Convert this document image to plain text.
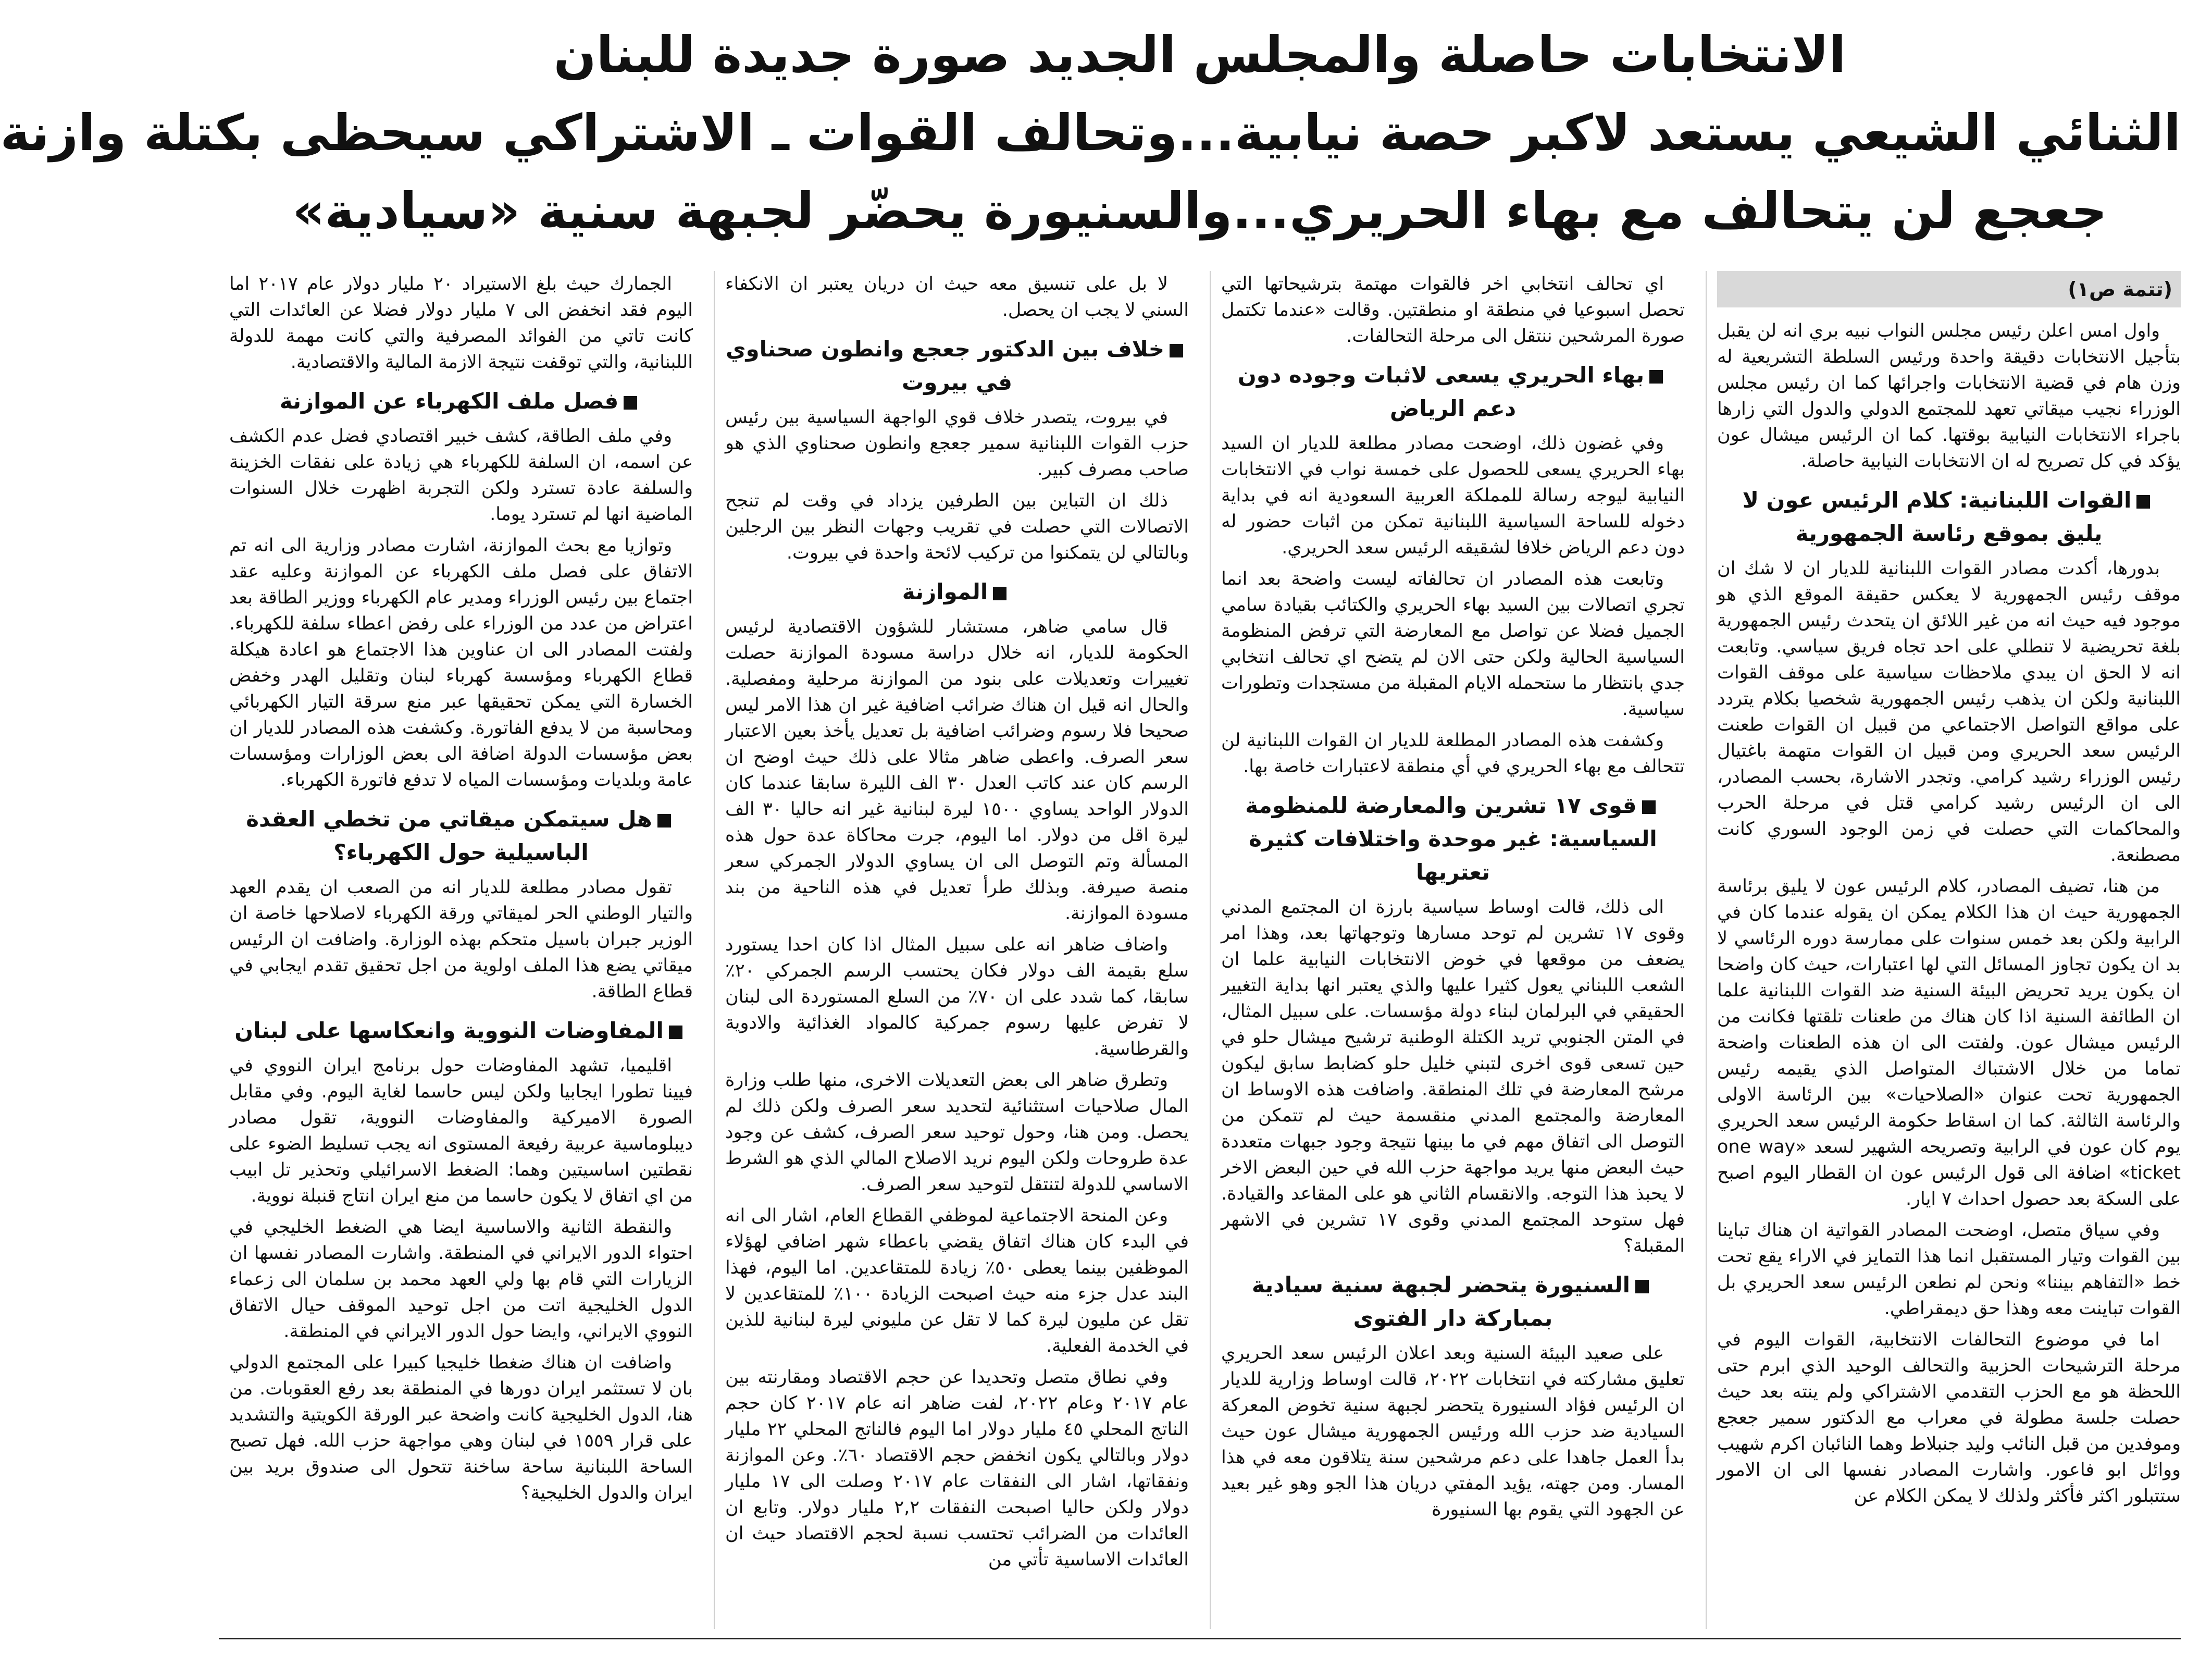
الانتخابات حاصلة والمجلس الجديد صورة جديدة للبنان
الثنائي الشيعي يستعد لاكبر حصة نيابية...وتحالف القوات ـ الاشتراكي سيحظى بكتلة وازنة
جعجع لن يتحالف مع بهاء الحريري...والسنيورة يحضّر لجبهة سنية «سيادية»
(تتمة ص١)

واول امس اعلن رئيس مجلس النواب نبيه بري انه لن يقبل بتأجيل الانتخابات دقيقة واحدة ورئيس السلطة التشريعية له وزن هام في قضية الانتخابات واجرائها كما ان رئيس مجلس الوزراء نجيب ميقاتي تعهد للمجتمع الدولي والدول التي زارها باجراء الانتخابات النيابية بوقتها. كما ان الرئيس ميشال عون يؤكد في كل تصريح له ان الانتخابات النيابية حاصلة.

القوات اللبنانية: كلام الرئيس عون لا يليق بموقع رئاسة الجمهورية

بدورها، أكدت مصادر القوات اللبنانية للديار ان لا شك ان موقف رئيس الجمهورية لا يعكس حقيقة الموقع الذي هو موجود فيه حيث انه من غير اللائق ان يتحدث رئيس الجمهورية بلغة تحريضية لا تنطلي على احد تجاه فريق سياسي. وتابعت انه لا الحق ان يبدي ملاحظات سياسية على موقف القوات اللبنانية ولكن ان يذهب رئيس الجمهورية شخصيا بكلام يتردد على مواقع التواصل الاجتماعي من قبيل ان القوات طعنت الرئيس سعد الحريري ومن قبيل ان القوات متهمة باغتيال رئيس الوزراء رشيد كرامي. وتجدر الاشارة، بحسب المصادر، الى ان الرئيس رشيد كرامي قتل في مرحلة الحرب والمحاكمات التي حصلت في زمن الوجود السوري كانت مصطنعة.

من هنا، تضيف المصادر، كلام الرئيس عون لا يليق برئاسة الجمهورية حيث ان هذا الكلام يمكن ان يقوله عندما كان في الرابية ولكن بعد خمس سنوات على ممارسة دوره الرئاسي لا بد ان يكون تجاوز المسائل التي لها اعتبارات، حيث كان واضحا ان يكون يريد تحريض البيئة السنية ضد القوات اللبنانية علما ان الطائفة السنية اذا كان هناك من طعنات تلقتها فكانت من الرئيس ميشال عون. ولفتت الى ان هذه الطعنات واضحة تماما من خلال الاشتباك المتواصل الذي يقيمه رئيس الجمهورية تحت عنوان «الصلاحيات» بين الرئاسة الاولى والرئاسة الثالثة. كما ان اسقاط حكومة الرئيس سعد الحريري يوم كان عون في الرابية وتصريحه الشهير لسعد «one way ticket» اضافة الى قول الرئيس عون ان القطار اليوم اصبح على السكة بعد حصول احداث ٧ ايار.

وفي سياق متصل، اوضحت المصادر القواتية ان هناك تباينا بين القوات وتيار المستقبل انما هذا التمايز في الاراء يقع تحت خط «التفاهم بيننا» ونحن لم نطعن الرئيس سعد الحريري بل القوات تباينت معه وهذا حق ديمقراطي.

اما في موضوع التحالفات الانتخابية، القوات اليوم في مرحلة الترشيحات الحزبية والتحالف الوحيد الذي ابرم حتى اللحظة هو مع الحزب التقدمي الاشتراكي ولم ينته بعد حيث حصلت جلسة مطولة في معراب مع الدكتور سمير جعجع وموفدين من قبل النائب وليد جنبلاط وهما النائبان اكرم شهيب ووائل ابو فاعور. واشارت المصادر نفسها الى ان الامور ستتبلور اكثر فأكثر ولذلك لا يمكن الكلام عن

اي تحالف انتخابي اخر فالقوات مهتمة بترشيحاتها التي تحصل اسبوعيا في منطقة او منطقتين. وقالت «عندما تكتمل صورة المرشحين ننتقل الى مرحلة التحالفات.

بهاء الحريري يسعى لاثبات وجوده دون دعم الرياض

وفي غضون ذلك، اوضحت مصادر مطلعة للديار ان السيد بهاء الحريري يسعى للحصول على خمسة نواب في الانتخابات النيابية ليوجه رسالة للمملكة العربية السعودية انه في بداية دخوله للساحة السياسية اللبنانية تمكن من اثبات حضور له دون دعم الرياض خلافا لشقيقه الرئيس سعد الحريري.

وتابعت هذه المصادر ان تحالفاته ليست واضحة بعد انما تجري اتصالات بين السيد بهاء الحريري والكتائب بقيادة سامي الجميل فضلا عن تواصل مع المعارضة التي ترفض المنظومة السياسية الحالية ولكن حتى الان لم يتضح اي تحالف انتخابي جدي بانتظار ما ستحمله الايام المقبلة من مستجدات وتطورات سياسية.

وكشفت هذه المصادر المطلعة للديار ان القوات اللبنانية لن تتحالف مع بهاء الحريري في أي منطقة لاعتبارات خاصة بها.

قوى ١٧ تشرين والمعارضة للمنظومة السياسية: غير موحدة واختلافات كثيرة تعتريها

الى ذلك، قالت اوساط سياسية بارزة ان المجتمع المدني وقوى ١٧ تشرين لم توحد مسارها وتوجهاتها بعد، وهذا امر يضعف من موقعها في خوض الانتخابات النيابية علما ان الشعب اللبناني يعول كثيرا عليها والذي يعتبر انها بداية التغيير الحقيقي في البرلمان لبناء دولة مؤسسات. على سبيل المثال، في المتن الجنوبي تريد الكتلة الوطنية ترشيح ميشال حلو في حين تسعى قوى اخرى لتبني خليل حلو كضابط سابق ليكون مرشح المعارضة في تلك المنطقة. واضافت هذه الاوساط ان المعارضة والمجتمع المدني منقسمة حيث لم تتمكن من التوصل الى اتفاق مهم في ما بينها نتيجة وجود جبهات متعددة حيث البعض منها يريد مواجهة حزب الله في حين البعض الاخر لا يحبذ هذا التوجه. والانقسام الثاني هو على المقاعد والقيادة. فهل ستوحد المجتمع المدني وقوى ١٧ تشرين في الاشهر المقبلة؟

السنيورة يتحضر لجبهة سنية سيادية بمباركة دار الفتوى

على صعيد البيئة السنية وبعد اعلان الرئيس سعد الحريري تعليق مشاركته في انتخابات ٢٠٢٢، قالت اوساط وزارية للديار ان الرئيس فؤاد السنيورة يتحضر لجبهة سنية تخوض المعركة السيادية ضد حزب الله ورئيس الجمهورية ميشال عون حيث بدأ العمل جاهدا على دعم مرشحين سنة يتلاقون معه في هذا المسار. ومن جهته، يؤيد المفتي دريان هذا الجو وهو غير بعيد عن الجهود التي يقوم بها السنيورة

لا بل على تنسيق معه حيث ان دريان يعتبر ان الانكفاء السني لا يجب ان يحصل.

خلاف بين الدكتور جعجع وانطون صحناوي في بيروت

في بيروت، يتصدر خلاف قوي الواجهة السياسية بين رئيس حزب القوات اللبنانية سمير جعجع وانطون صحناوي الذي هو صاحب مصرف كبير.

ذلك ان التباين بين الطرفين يزداد في وقت لم تنجح الاتصالات التي حصلت في تقريب وجهات النظر بين الرجلين وبالتالي لن يتمكنوا من تركيب لائحة واحدة في بيروت.

الموازنة

قال سامي ضاهر، مستشار للشؤون الاقتصادية لرئيس الحكومة للديار، انه خلال دراسة مسودة الموازنة حصلت تغييرات وتعديلات على بنود من الموازنة مرحلية ومفصلية. والحال انه قيل ان هناك ضرائب اضافية غير ان هذا الامر ليس صحيحا فلا رسوم وضرائب اضافية بل تعديل يأخذ بعين الاعتبار سعر الصرف. واعطى ضاهر مثالا على ذلك حيث اوضح ان الرسم كان عند كاتب العدل ٣٠ الف الليرة سابقا عندما كان الدولار الواحد يساوي ١٥٠٠ ليرة لبنانية غير انه حاليا ٣٠ الف ليرة اقل من دولار. اما اليوم، جرت محاكاة عدة حول هذه المسألة وتم التوصل الى ان يساوي الدولار الجمركي سعر منصة صيرفة. وبذلك طرأ تعديل في هذه الناحية من بند مسودة الموازنة.

واضاف ضاهر انه على سبيل المثال اذا كان احدا يستورد سلع بقيمة الف دولار فكان يحتسب الرسم الجمركي ٢٠٪ سابقا، كما شدد على ان ٧٠٪ من السلع المستوردة الى لبنان لا تفرض عليها رسوم جمركية كالمواد الغذائية والادوية والقرطاسية.

وتطرق ضاهر الى بعض التعديلات الاخرى، منها طلب وزارة المال صلاحيات استثنائية لتحديد سعر الصرف ولكن ذلك لم يحصل. ومن هنا، وحول توحيد سعر الصرف، كشف عن وجود عدة طروحات ولكن اليوم نريد الاصلاح المالي الذي هو الشرط الاساسي للدولة لتنتقل لتوحيد سعر الصرف.

وعن المنحة الاجتماعية لموظفي القطاع العام، اشار الى انه في البدء كان هناك اتفاق يقضي باعطاء شهر اضافي لهؤلاء الموظفين بينما يعطى ٥٠٪ زيادة للمتقاعدين. اما اليوم، فهذا البند عدل جزء منه حيث اصبحت الزيادة ١٠٠٪ للمتقاعدين لا تقل عن مليون ليرة كما لا تقل عن مليوني ليرة لبنانية للذين في الخدمة الفعلية.

وفي نطاق متصل وتحديدا عن حجم الاقتصاد ومقارنته بين عام ٢٠١٧ وعام ٢٠٢٢، لفت ضاهر انه عام ٢٠١٧ كان حجم الناتج المحلي ٤٥ مليار دولار اما اليوم فالناتج المحلي ٢٢ مليار دولار وبالتالي يكون انخفض حجم الاقتصاد ٦٠٪. وعن الموازنة ونفقاتها، اشار الى النفقات عام ٢٠١٧ وصلت الى ١٧ مليار دولار ولكن حاليا اصبحت النفقات ٢,٢ مليار دولار. وتابع ان العائدات من الضرائب تحتسب نسبة لحجم الاقتصاد حيث ان العائدات الاساسية تأتي من

الجمارك حيث بلغ الاستيراد ٢٠ مليار دولار عام ٢٠١٧ اما اليوم فقد انخفض الى ٧ مليار دولار فضلا عن العائدات التي كانت تاتي من الفوائد المصرفية والتي كانت مهمة للدولة اللبنانية، والتي توقفت نتيجة الازمة المالية والاقتصادية.

فصل ملف الكهرباء عن الموازنة

وفي ملف الطاقة، كشف خبير اقتصادي فضل عدم الكشف عن اسمه، ان السلفة للكهرباء هي زيادة على نفقات الخزينة والسلفة عادة تسترد ولكن التجربة اظهرت خلال السنوات الماضية انها لم تسترد يوما.

وتوازيا مع بحث الموازنة، اشارت مصادر وزارية الى انه تم الاتفاق على فصل ملف الكهرباء عن الموازنة وعليه عقد اجتماع بين رئيس الوزراء ومدير عام الكهرباء ووزير الطاقة بعد اعتراض من عدد من الوزراء على رفض اعطاء سلفة للكهرباء. ولفتت المصادر الى ان عناوين هذا الاجتماع هو اعادة هيكلة قطاع الكهرباء ومؤسسة كهرباء لبنان وتقليل الهدر وخفض الخسارة التي يمكن تحقيقها عبر منع سرقة التيار الكهربائي ومحاسبة من لا يدفع الفاتورة. وكشفت هذه المصادر للديار ان بعض مؤسسات الدولة اضافة الى بعض الوزارات ومؤسسات عامة وبلديات ومؤسسات المياه لا تدفع فاتورة الكهرباء.

هل سيتمكن ميقاتي من تخطي العقدة الباسيلية حول الكهرباء؟

تقول مصادر مطلعة للديار انه من الصعب ان يقدم العهد والتيار الوطني الحر لميقاتي ورقة الكهرباء لاصلاحها خاصة ان الوزير جبران باسيل متحكم بهذه الوزارة. واضافت ان الرئيس ميقاتي يضع هذا الملف اولوية من اجل تحقيق تقدم ايجابي في قطاع الطاقة.

المفاوضات النووية وانعكاسها على لبنان

اقليميا، تشهد المفاوضات حول برنامج ايران النووي في فيينا تطورا ايجابيا ولكن ليس حاسما لغاية اليوم. وفي مقابل الصورة الاميركية والمفاوضات النووية، تقول مصادر ديبلوماسية عربية رفيعة المستوى انه يجب تسليط الضوء على نقطتين اساسيتين وهما: الضغط الاسرائيلي وتحذير تل ابيب من اي اتفاق لا يكون حاسما من منع ايران انتاج قنبلة نووية.

والنقطة الثانية والاساسية ايضا هي الضغط الخليجي في احتواء الدور الايراني في المنطقة. واشارت المصادر نفسها ان الزيارات التي قام بها ولي العهد محمد بن سلمان الى زعماء الدول الخليجية اتت من اجل توحيد الموقف حيال الاتفاق النووي الايراني، وايضا حول الدور الايراني في المنطقة.

واضافت ان هناك ضغطا خليجيا كبيرا على المجتمع الدولي بان لا تستثمر ايران دورها في المنطقة بعد رفع العقوبات. من هنا، الدول الخليجية كانت واضحة عبر الورقة الكويتية والتشديد على قرار ١٥٥٩ في لبنان وهي مواجهة حزب الله. فهل تصبح الساحة اللبنانية ساحة ساخنة تتحول الى صندوق بريد بين ايران والدول الخليجية؟
